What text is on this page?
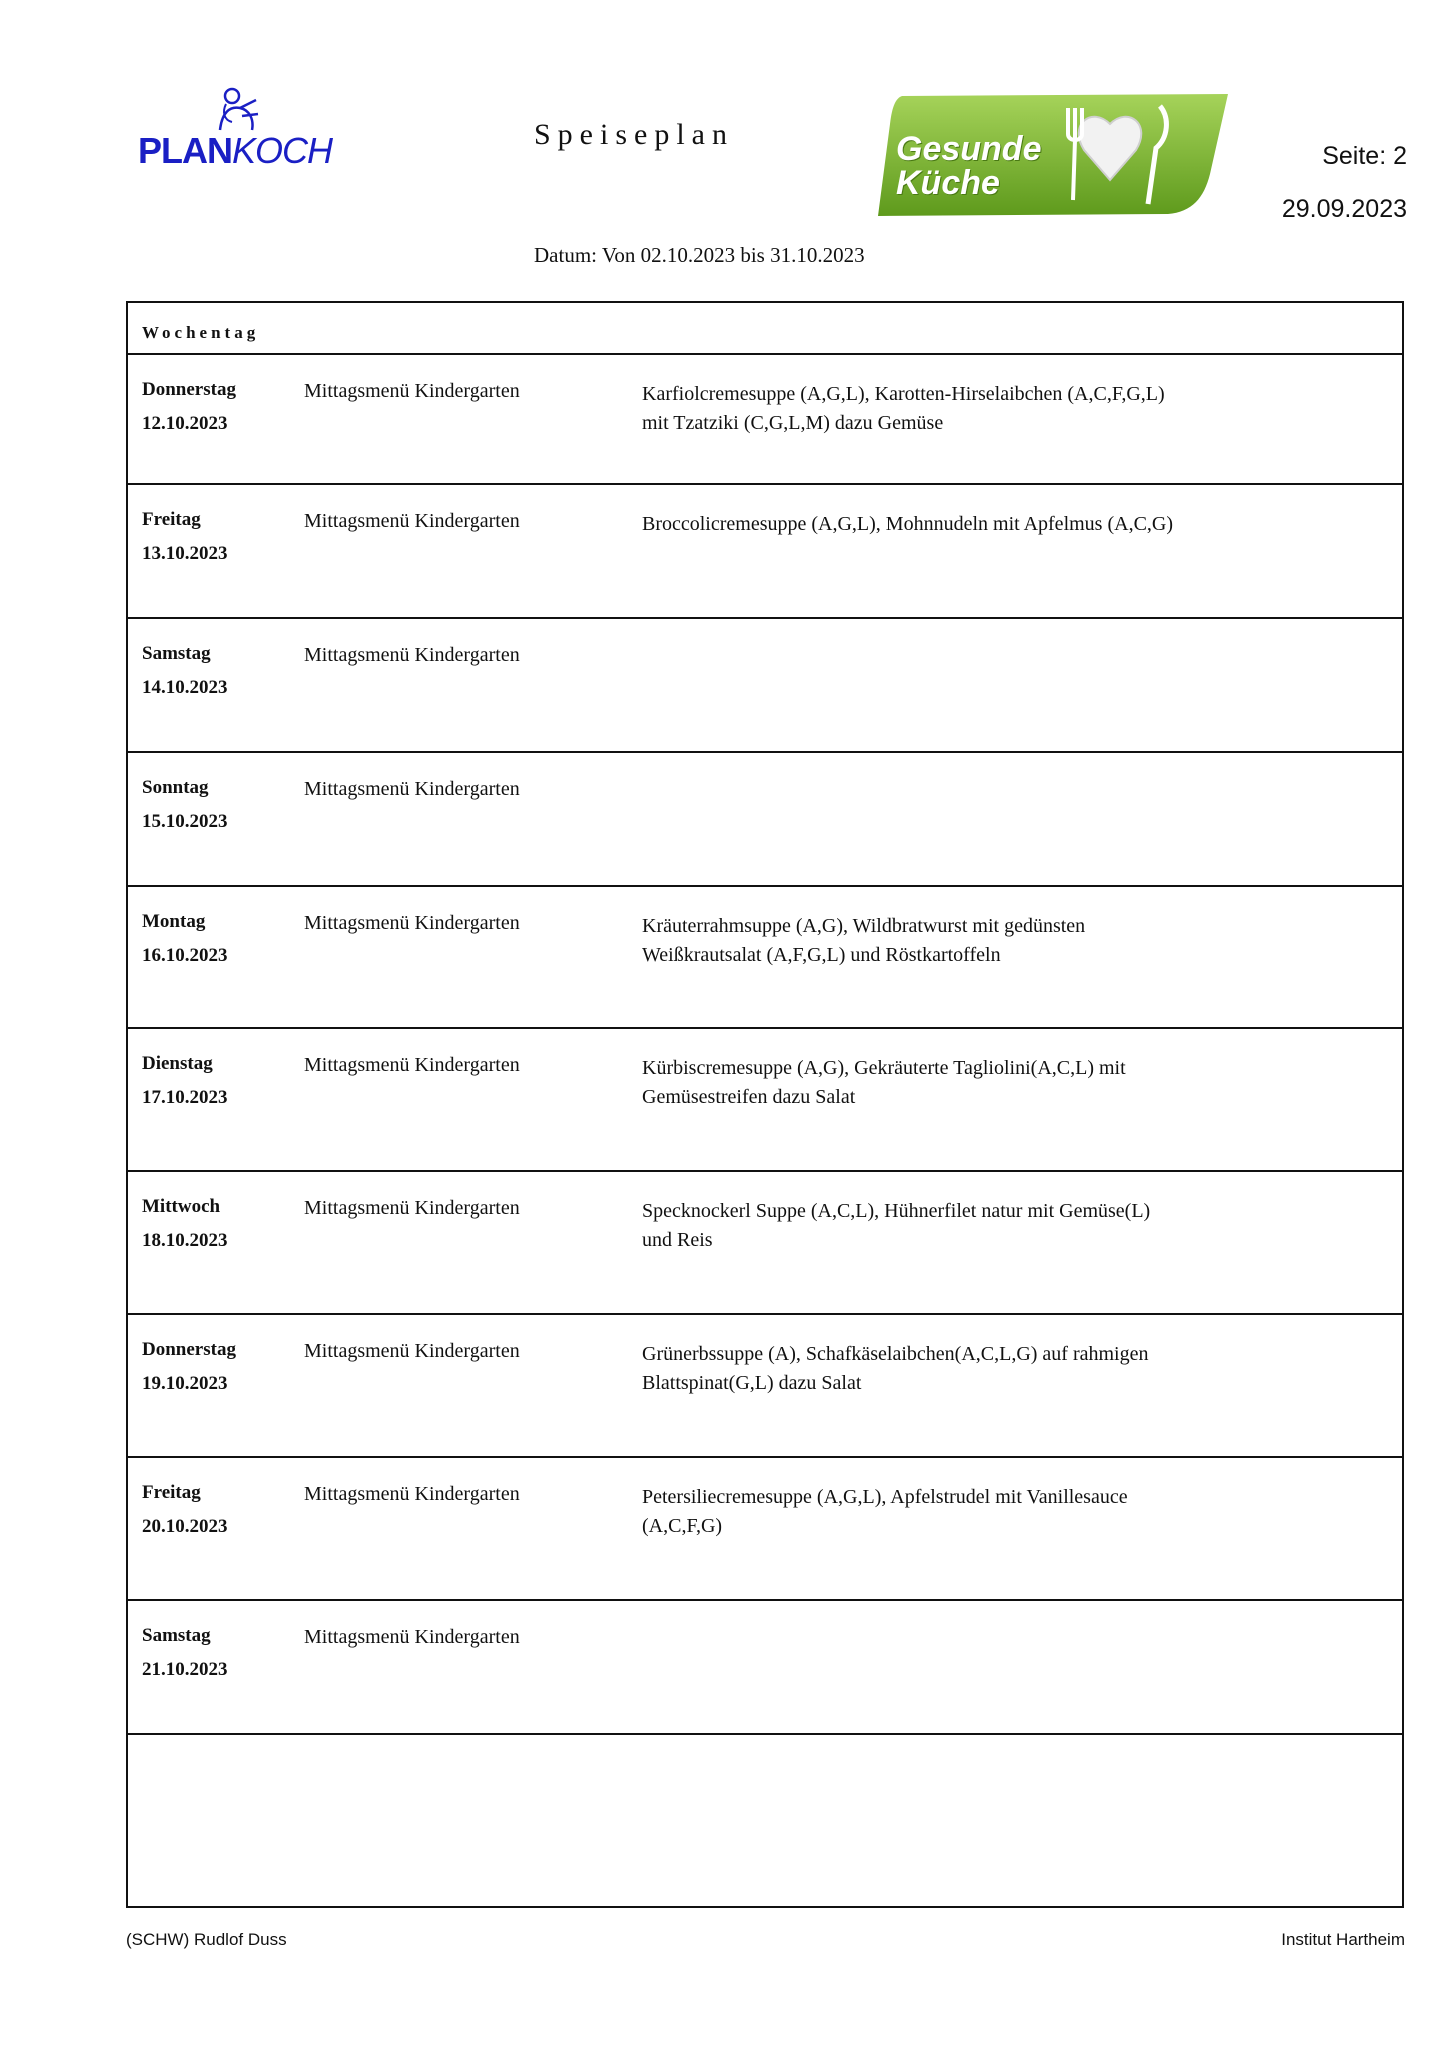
PLANKOCH	Speiseplan
Datum: Von 02.10.2023 bis 31.10.2023
Gesunde
Küche
Seite: 2
29.09.2023
Wochentag
Donnerstag
12.10.2023
Mittagsmenü Kindergarten	Karfiolcremesuppe (A,G,L), Karotten-Hirselaibchen (A,C,F,G,L)
mit Tzatziki (C,G,L,M) dazu Gemüse
Freitag
13.10.2023
Mittagsmenü Kindergarten	Broccolicremesuppe (A,G,L), Mohnnudeln mit Apfelmus (A,C,G)
Samstag
14.10.2023
Mittagsmenü Kindergarten
Sonntag
15.10.2023
Mittagsmenü Kindergarten
Montag
16.10.2023
Mittagsmenü Kindergarten	Kräuterrahmsuppe (A,G), Wildbratwurst mit gedünsten
Weißkrautsalat (A,F,G,L) und Röstkartoffeln
Dienstag
17.10.2023
Mittagsmenü Kindergarten	Kürbiscremesuppe (A,G), Gekräuterte Tagliolini(A,C,L) mit
Gemüsestreifen dazu Salat
Mittwoch
18.10.2023
Mittagsmenü Kindergarten	Specknockerl Suppe (A,C,L), Hühnerfilet natur mit Gemüse(L)
und Reis
Donnerstag
19.10.2023
Mittagsmenü Kindergarten	Grünerbssuppe (A), Schafkäselaibchen(A,C,L,G) auf rahmigen
Blattspinat(G,L) dazu Salat
Freitag
20.10.2023
Mittagsmenü Kindergarten	Petersiliecremesuppe (A,G,L), Apfelstrudel mit Vanillesauce
(A,C,F,G)
Samstag
21.10.2023
Mittagsmenü Kindergarten
(SCHW) Rudlof Duss	Institut Hartheim
